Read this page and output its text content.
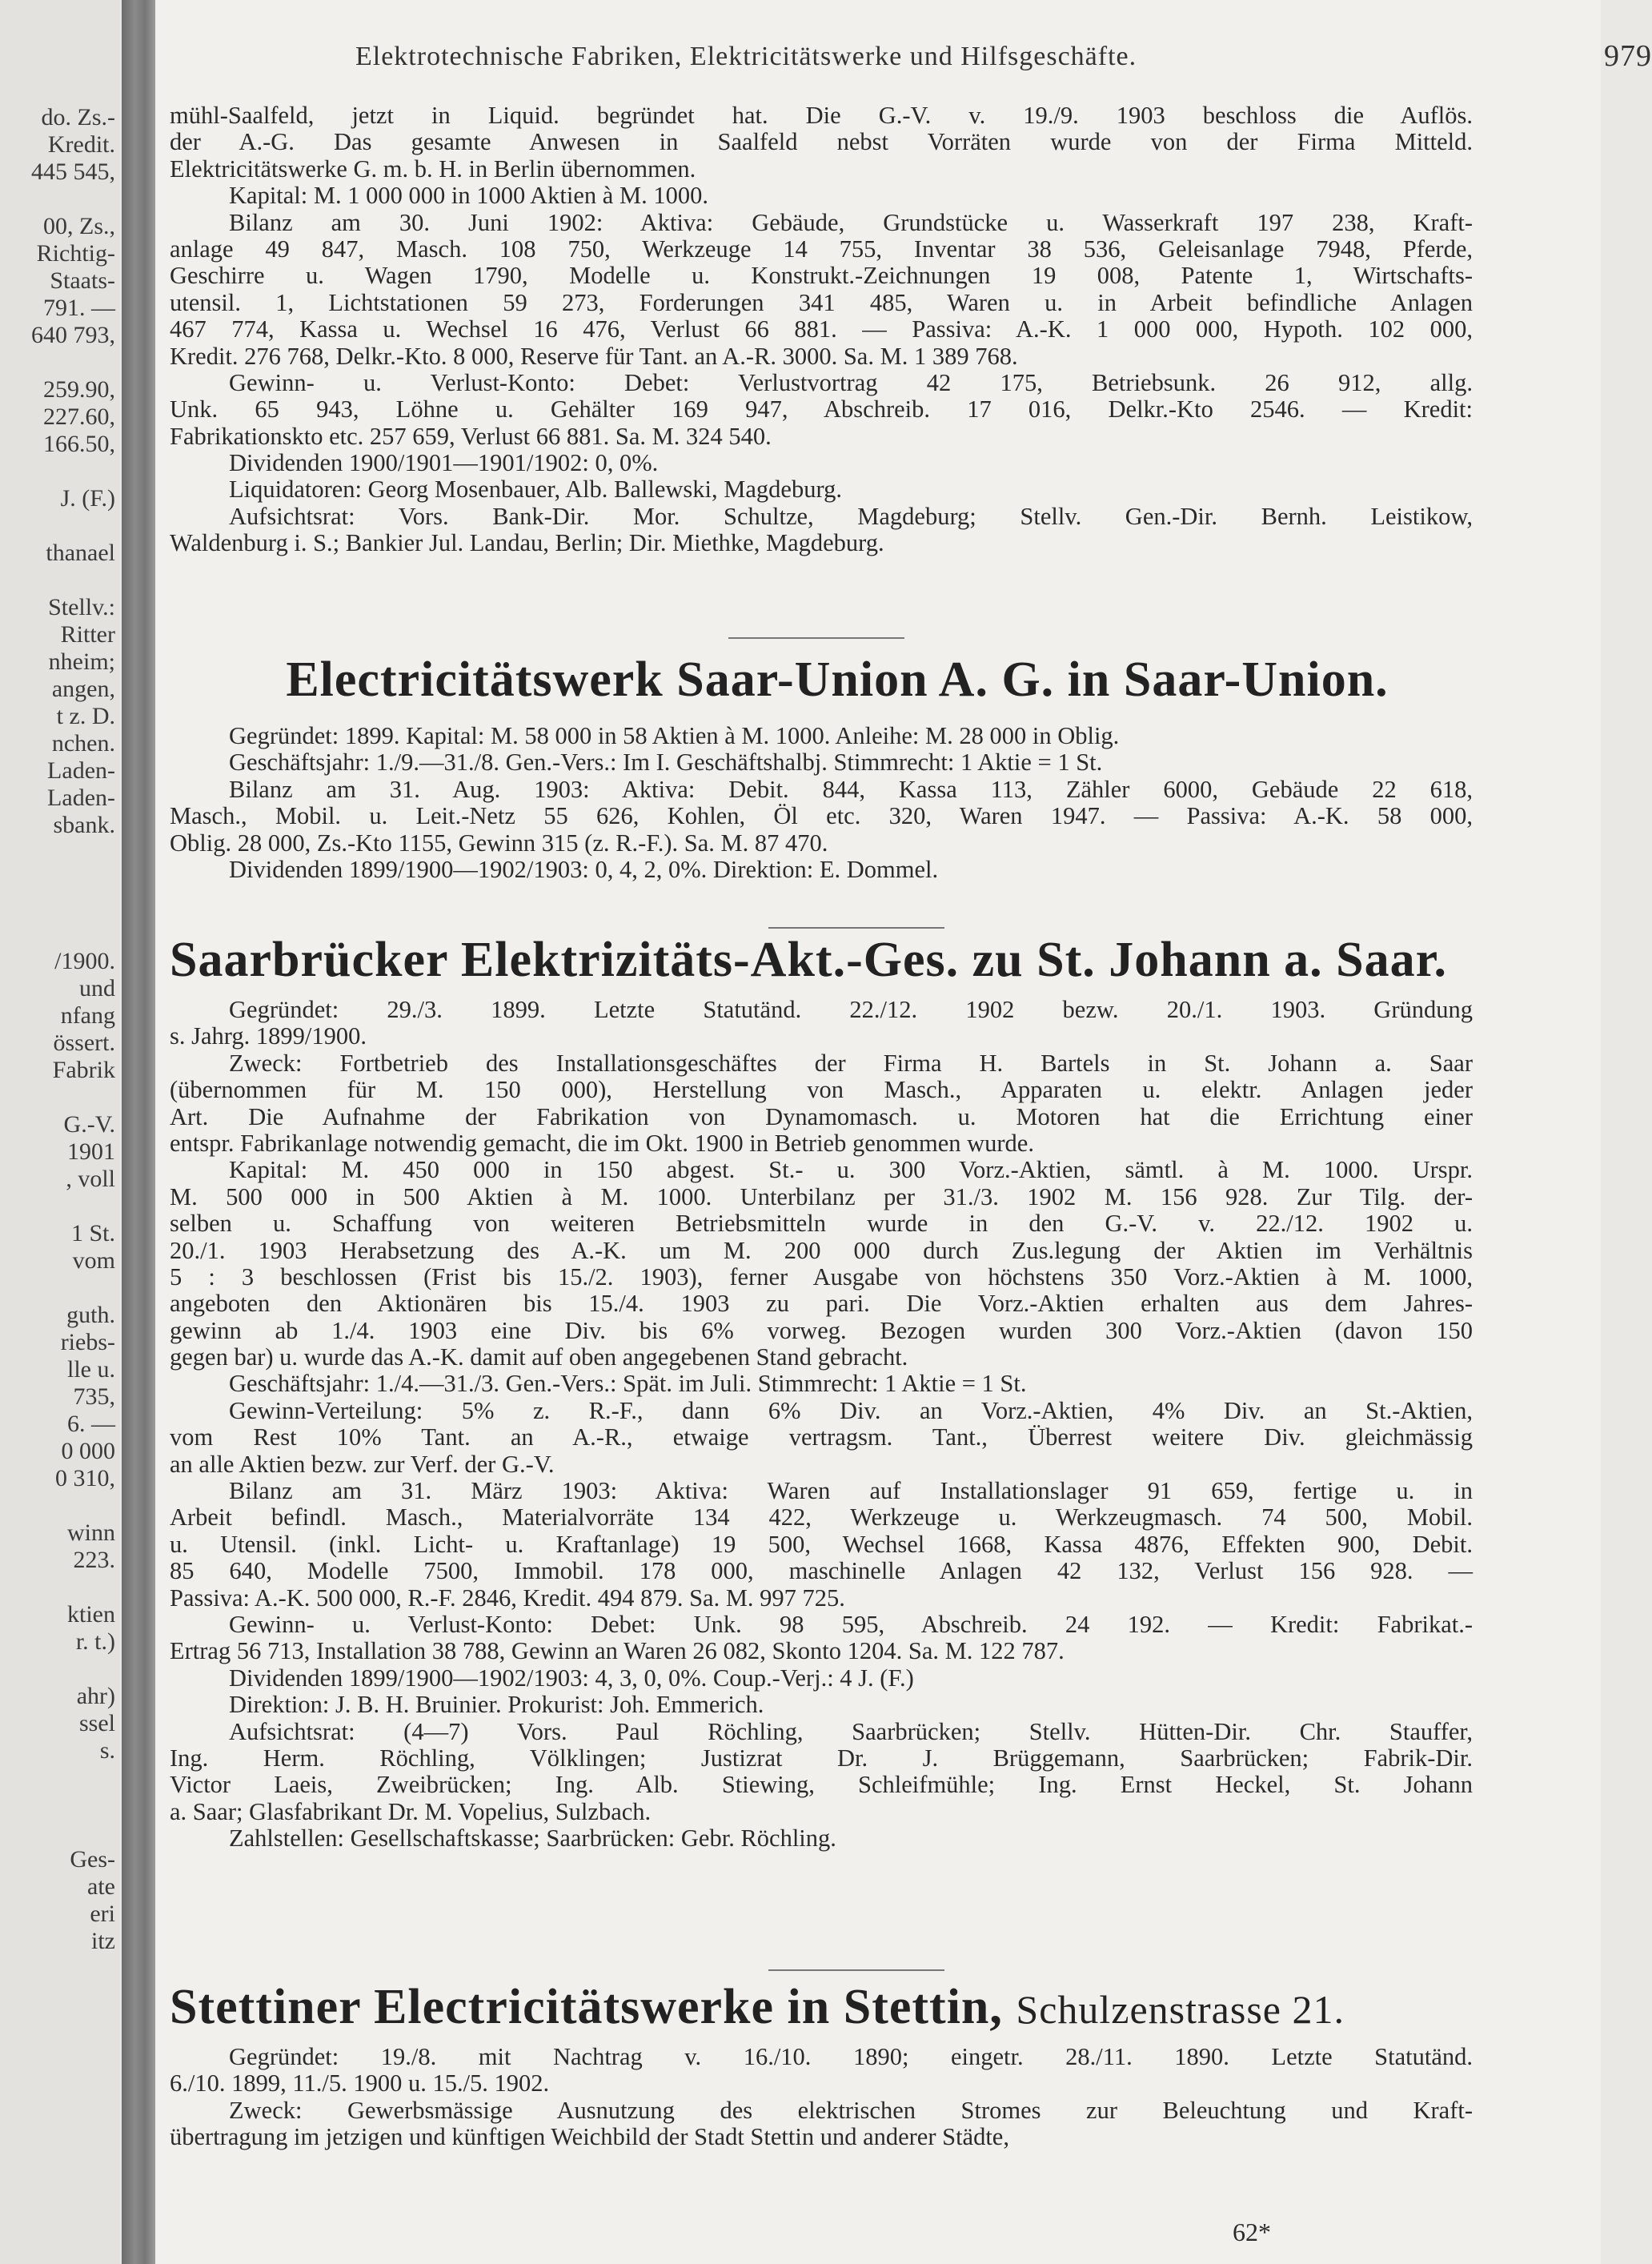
do. Zs.-
Kredit.
445 545,
00, Zs.,
Richtig-
Staats-
791. —
640 793,
259.90,
227.60,
166.50,
J. (F.)
thanael
Stellv.:
Ritter
nheim;
angen,
t z. D.
nchen.
Laden-
Laden-
sbank.
/1900.
und
nfang
össert.
Fabrik
G.-V.
1901
, voll
1 St.
vom
guth.
riebs-
lle u.
735,
6. —
0 000
0 310,
winn
223.
ktien
r. t.)
ahr)
ssel
s.
Ges-
ate
eri
itz
Elektrotechnische Fabriken, Elektricitätswerke und Hilfsgeschäfte.	979
mühl-Saalfeld, jetzt in Liquid. begründet hat. Die G.-V. v. 19./9. 1903 beschloss die Auflös.
der A.-G. Das gesamte Anwesen in Saalfeld nebst Vorräten wurde von der Firma Mitteld.
Elektricitätswerke G. m. b. H. in Berlin übernommen.
Kapital: M. 1 000 000 in 1000 Aktien à M. 1000.
Bilanz am 30. Juni 1902: Aktiva: Gebäude, Grundstücke u. Wasserkraft 197 238, Kraft-
anlage 49 847, Masch. 108 750, Werkzeuge 14 755, Inventar 38 536, Geleisanlage 7948, Pferde,
Geschirre u. Wagen 1790, Modelle u. Konstrukt.-Zeichnungen 19 008, Patente 1, Wirtschafts-
utensil. 1, Lichtstationen 59 273, Forderungen 341 485, Waren u. in Arbeit befindliche Anlagen
467 774, Kassa u. Wechsel 16 476, Verlust 66 881. — Passiva: A.-K. 1 000 000, Hypoth. 102 000,
Kredit. 276 768, Delkr.-Kto. 8 000, Reserve für Tant. an A.-R. 3000. Sa. M. 1 389 768.
Gewinn- u. Verlust-Konto: Debet: Verlustvortrag 42 175, Betriebsunk. 26 912, allg.
Unk. 65 943, Löhne u. Gehälter 169 947, Abschreib. 17 016, Delkr.-Kto 2546. — Kredit:
Fabrikationskto etc. 257 659, Verlust 66 881. Sa. M. 324 540.
Dividenden 1900/1901—1901/1902: 0, 0%.
Liquidatoren: Georg Mosenbauer, Alb. Ballewski, Magdeburg.
Aufsichtsrat: Vors. Bank-Dir. Mor. Schultze, Magdeburg; Stellv. Gen.-Dir. Bernh. Leistikow,
Waldenburg i. S.; Bankier Jul. Landau, Berlin; Dir. Miethke, Magdeburg.
Electricitätswerk Saar-Union A. G. in Saar-Union.
Gegründet: 1899. Kapital: M. 58 000 in 58 Aktien à M. 1000. Anleihe: M. 28 000 in Oblig.
Geschäftsjahr: 1./9.—31./8. Gen.-Vers.: Im I. Geschäftshalbj. Stimmrecht: 1 Aktie = 1 St.
Bilanz am 31. Aug. 1903: Aktiva: Debit. 844, Kassa 113, Zähler 6000, Gebäude 22 618,
Masch., Mobil. u. Leit.-Netz 55 626, Kohlen, Öl etc. 320, Waren 1947. — Passiva: A.-K. 58 000,
Oblig. 28 000, Zs.-Kto 1155, Gewinn 315 (z. R.-F.). Sa. M. 87 470.
Dividenden 1899/1900—1902/1903: 0, 4, 2, 0%. Direktion: E. Dommel.
Saarbrücker Elektrizitäts-Akt.-Ges. zu St. Johann a. Saar.
Gegründet: 29./3. 1899. Letzte Statutänd. 22./12. 1902 bezw. 20./1. 1903. Gründung
s. Jahrg. 1899/1900.
Zweck: Fortbetrieb des Installationsgeschäftes der Firma H. Bartels in St. Johann a. Saar
(übernommen für M. 150 000), Herstellung von Masch., Apparaten u. elektr. Anlagen jeder
Art. Die Aufnahme der Fabrikation von Dynamomasch. u. Motoren hat die Errichtung einer
entspr. Fabrikanlage notwendig gemacht, die im Okt. 1900 in Betrieb genommen wurde.
Kapital: M. 450 000 in 150 abgest. St.- u. 300 Vorz.-Aktien, sämtl. à M. 1000. Urspr.
M. 500 000 in 500 Aktien à M. 1000. Unterbilanz per 31./3. 1902 M. 156 928. Zur Tilg. der-
selben u. Schaffung von weiteren Betriebsmitteln wurde in den G.-V. v. 22./12. 1902 u.
20./1. 1903 Herabsetzung des A.-K. um M. 200 000 durch Zus.legung der Aktien im Verhältnis
5 : 3 beschlossen (Frist bis 15./2. 1903), ferner Ausgabe von höchstens 350 Vorz.-Aktien à M. 1000,
angeboten den Aktionären bis 15./4. 1903 zu pari. Die Vorz.-Aktien erhalten aus dem Jahres-
gewinn ab 1./4. 1903 eine Div. bis 6% vorweg. Bezogen wurden 300 Vorz.-Aktien (davon 150
gegen bar) u. wurde das A.-K. damit auf oben angegebenen Stand gebracht.
Geschäftsjahr: 1./4.—31./3. Gen.-Vers.: Spät. im Juli. Stimmrecht: 1 Aktie = 1 St.
Gewinn-Verteilung: 5% z. R.-F., dann 6% Div. an Vorz.-Aktien, 4% Div. an St.-Aktien,
vom Rest 10% Tant. an A.-R., etwaige vertragsm. Tant., Überrest weitere Div. gleichmässig
an alle Aktien bezw. zur Verf. der G.-V.
Bilanz am 31. März 1903: Aktiva: Waren auf Installationslager 91 659, fertige u. in
Arbeit befindl. Masch., Materialvorräte 134 422, Werkzeuge u. Werkzeugmasch. 74 500, Mobil.
u. Utensil. (inkl. Licht- u. Kraftanlage) 19 500, Wechsel 1668, Kassa 4876, Effekten 900, Debit.
85 640, Modelle 7500, Immobil. 178 000, maschinelle Anlagen 42 132, Verlust 156 928. —
Passiva: A.-K. 500 000, R.-F. 2846, Kredit. 494 879. Sa. M. 997 725.
Gewinn- u. Verlust-Konto: Debet: Unk. 98 595, Abschreib. 24 192. — Kredit: Fabrikat.-
Ertrag 56 713, Installation 38 788, Gewinn an Waren 26 082, Skonto 1204. Sa. M. 122 787.
Dividenden 1899/1900—1902/1903: 4, 3, 0, 0%. Coup.-Verj.: 4 J. (F.)
Direktion: J. B. H. Bruinier. Prokurist: Joh. Emmerich.
Aufsichtsrat: (4—7) Vors. Paul Röchling, Saarbrücken; Stellv. Hütten-Dir. Chr. Stauffer,
Ing. Herm. Röchling, Völklingen; Justizrat Dr. J. Brüggemann, Saarbrücken; Fabrik-Dir.
Victor Laeis, Zweibrücken; Ing. Alb. Stiewing, Schleifmühle; Ing. Ernst Heckel, St. Johann
a. Saar; Glasfabrikant Dr. M. Vopelius, Sulzbach.
Zahlstellen: Gesellschaftskasse; Saarbrücken: Gebr. Röchling.
Stettiner Electricitätswerke in Stettin, Schulzenstrasse 21.
Gegründet: 19./8. mit Nachtrag v. 16./10. 1890; eingetr. 28./11. 1890. Letzte Statutänd.
6./10. 1899, 11./5. 1900 u. 15./5. 1902.
Zweck: Gewerbsmässige Ausnutzung des elektrischen Stromes zur Beleuchtung und Kraft-
übertragung im jetzigen und künftigen Weichbild der Stadt Stettin und anderer Städte,
62*
